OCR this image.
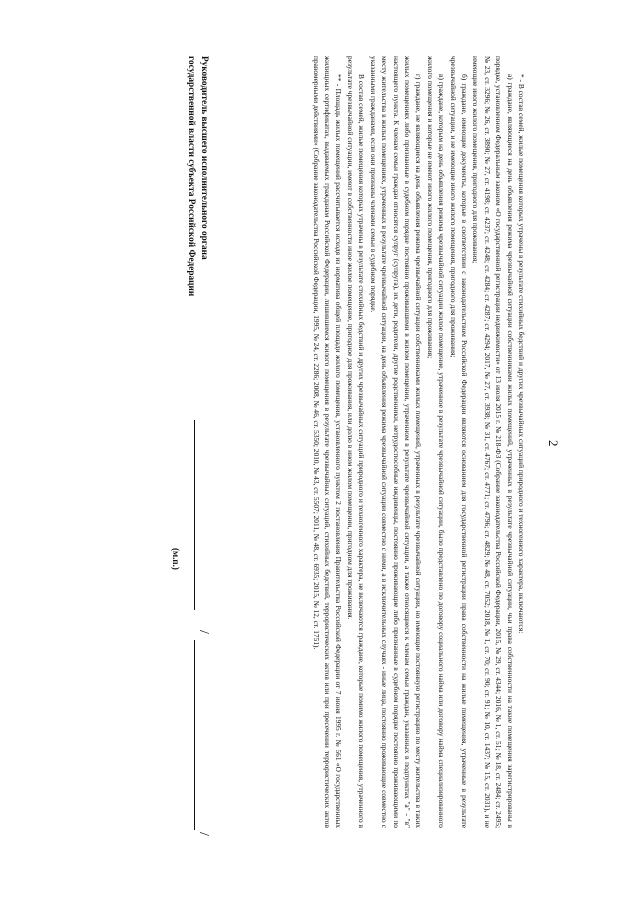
2

* - В состав семей, жилые помещения которых утрачены в результате стихийных бедствий и других чрезвычайных ситуаций природного и техногенного характера, включаются:

а) граждане, являющиеся на день объявления режима чрезвычайной ситуации собственниками жилых помещений, утраченных в результате чрезвычайной ситуации, чьи права собственности на такие помещения зарегистрированы в порядке, установленном Федеральным законом «О государственной регистрации недвижимости» от 13 июля 2015 г. № 218-ФЗ (Собрание законодательства Российской Федерации, 2015, № 29, ст. 4344; 2016, № 1, ст. 51; № 18, ст. 2484; ст. 2495; № 23, ст. 3296; № 26, ст. 3890; № 27, ст. 4198; ст. 4237; ст. 4248; ст. 4284; ст. 4287; ст. 4294; 2017, № 27, ст. 3938; № 31, ст. 4767; ст. 4771; ст. 4796; ст. 4829; № 48, ст. 7052; 2018, № 1, ст. 70; ст. 90; ст. 91; № 10, ст. 1437; № 15, ст. 2031), и не имеющие иного жилого помещения, пригодного для проживания;

б) граждане, имеющие документы, которые в соответствии с законодательством Российской Федерации являются основанием для государственной регистрации права собственности на жилые помещения, утраченные в результате чрезвычайной ситуации, и не имеющие иного жилого помещения, пригодного для проживания;

в) граждане, которым на день объявления режима чрезвычайной ситуации жилое помещение, утраченное в результате чрезвычайной ситуации, было представлено по договору социального найма или договору найма специализированного жилого помещения и которые не имеют иного жилого помещения, пригодного для проживания;

г) граждане, не являющиеся на день объявления режима чрезвычайной ситуации собственниками жилых помещений, утраченных в результате чрезвычайной ситуации, но имеющие постоянную регистрацию по месту жительства в таких жилых помещениях либо признанные в судебном порядке постоянно проживавшими в жилом помещении, утраченном в результате чрезвычайной ситуации, а также относящиеся к членам семьи граждан, указанных в подпунктах "а" - "в" настоящего пункта. К членам семьи граждан относятся супруг (супруга), их дети, родители, другие родственники, нетрудоспособные иждивенцы, постоянно проживающие либо признанные в судебном порядке постоянно проживающими по месту жительства в жилых помещениях, утраченных в результате чрезвычайной ситуации, на день объявления режима чрезвычайной ситуации совместно с ними, а в исключительных случаях - иные лица, постоянно проживающие совместно с указанными гражданами, если они признаны членами семьи в судебном порядке.

В состав семей, жилые помещения которых утрачены в результате стихийных бедствий и других чрезвычайных ситуаций природного и техногенного характера, не включаются граждане, которые помимо жилого помещения, утраченного в результате чрезвычайной ситуации, имеют в собственности иное жилое помещение, пригодное для проживания, или долю в ином жилом помещении, пригодном для проживания.

** - Площадь жилых помещений рассчитывается исходя из норматива общей площади жилого помещения, установленного пунктом 2 постановления Правительства Российской Федерации от 7 июня 1995 г. № 561 «О государственных жилищных сертификатах, выдаваемых гражданам Российской Федерации, лишившимся жилого помещения в результате чрезвычайных ситуаций, стихийных бедствий, террористических актов или при пресечении террористических актов правомерными действиями» (Собрание законодательства Российской Федерации, 1995, № 24, ст. 2286; 2008, № 46, ст. 5350; 2010, № 43, ст. 5507; 2011, № 48, ст. 6935; 2015, № 12, ст. 1751).

Руководитель высшего исполнительного органа
государственной власти субъекта Российской Федерации
/
/
(м.п.)
